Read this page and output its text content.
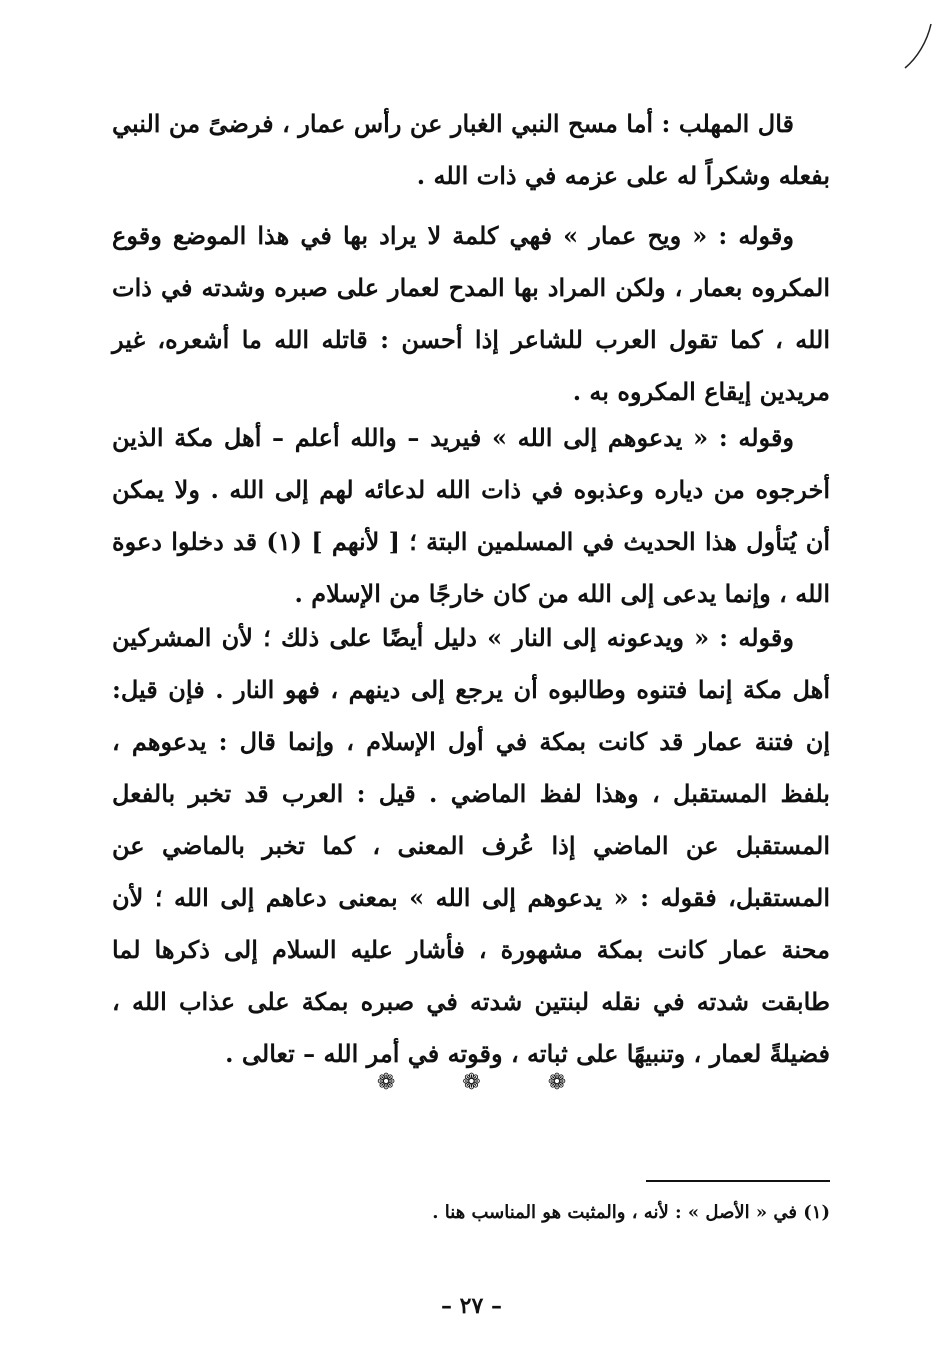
قال المهلب : أما مسح النبي الغبار عن رأس عمار ، فرضىً من النبي بفعله وشكراً له على عزمه في ذات الله .

وقوله : « ويح عمار » فهي كلمة لا يراد بها في هذا الموضع وقوع المكروه بعمار ، ولكن المراد بها المدح لعمار على صبره وشدته في ذات الله ، كما تقول العرب للشاعر إذا أحسن : قاتله الله ما أشعره، غير مريدين إيقاع المكروه به .

وقوله : « يدعوهم إلى الله » فيريد – والله أعلم – أهل مكة الذين أخرجوه من دياره وعذبوه في ذات الله لدعائه لهم إلى الله . ولا يمكن أن يُتأول هذا الحديث في المسلمين البتة ؛ [ لأنهم ] (١) قد دخلوا دعوة الله ، وإنما يدعى إلى الله من كان خارجًا من الإسلام .

وقوله : « ويدعونه إلى النار » دليل أيضًا على ذلك ؛ لأن المشركين أهل مكة إنما فتنوه وطالبوه أن يرجع إلى دينهم ، فهو النار . فإن قيل: إن فتنة عمار قد كانت بمكة في أول الإسلام ، وإنما قال : يدعوهم ، بلفظ المستقبل ، وهذا لفظ الماضي . قيل : العرب قد تخبر بالفعل المستقبل عن الماضي إذا عُرف المعنى ، كما تخبر بالماضي عن المستقبل، فقوله : « يدعوهم إلى الله » بمعنى دعاهم إلى الله ؛ لأن محنة عمار كانت بمكة مشهورة ، فأشار عليه السلام إلى ذكرها لما طابقت شدته في نقله لبنتين شدته في صبره بمكة على عذاب الله ، فضيلةً لعمار ، وتنبيهًا على ثباته ، وقوته في أمر الله – تعالى .

❁	❁	❁
(١) في « الأصل » : لأنه ، والمثبت هو المناسب هنا .
– ٢٧ –
